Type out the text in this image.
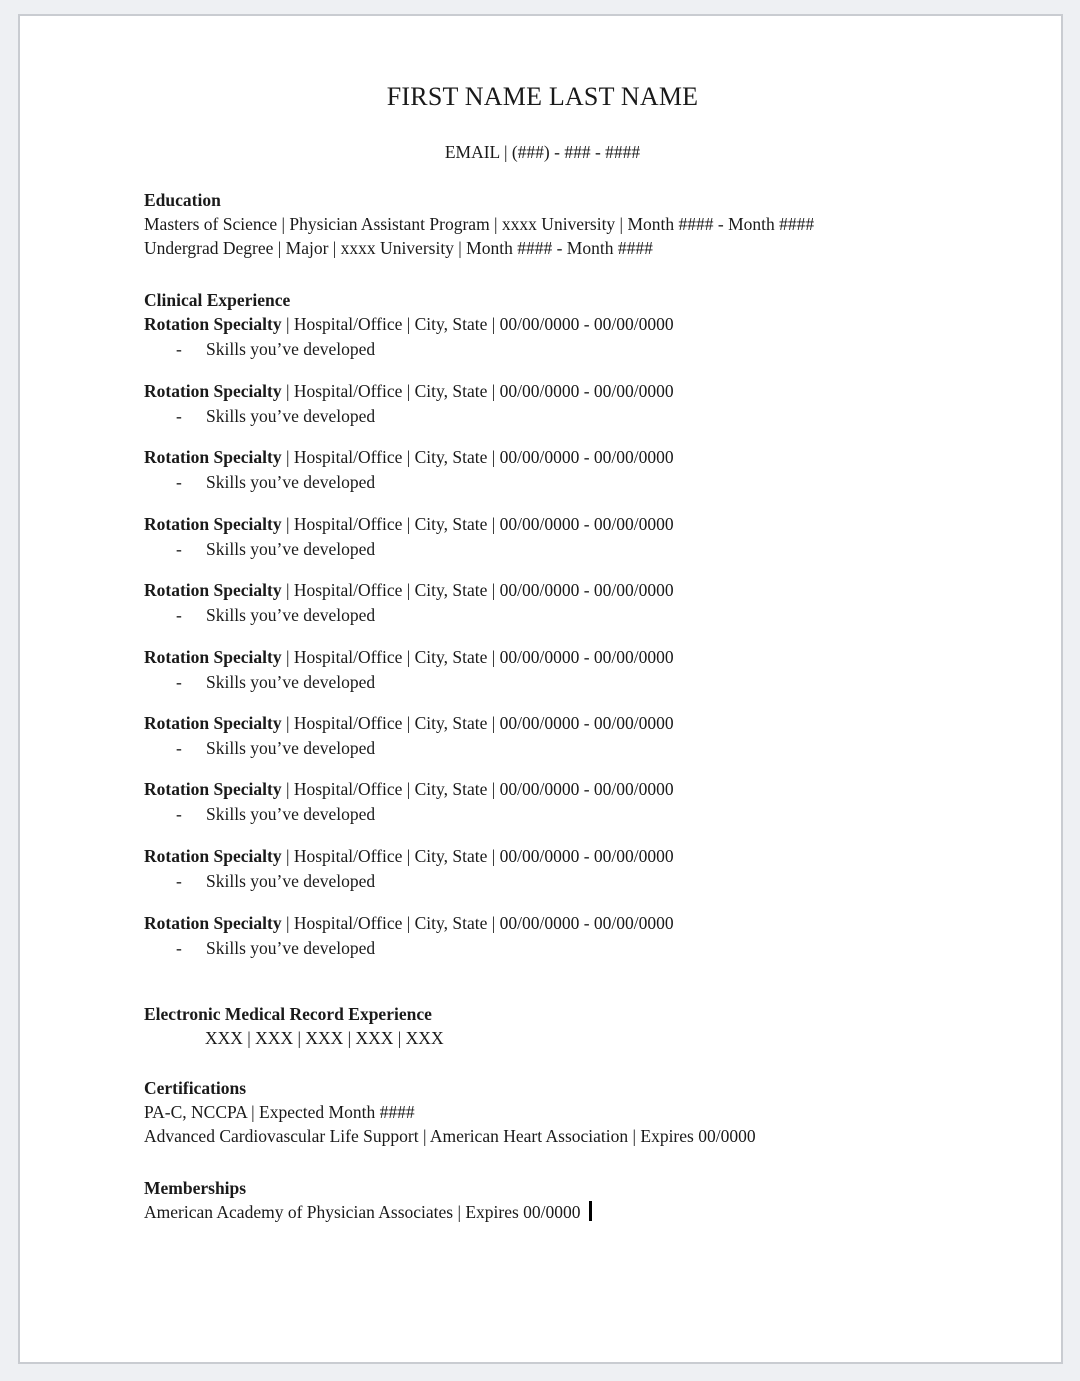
FIRST NAME LAST NAME
EMAIL | (###) - ### - ####
Education
Masters of Science | Physician Assistant Program | xxxx University | Month #### - Month ####
Undergrad Degree | Major | xxxx University | Month #### - Month ####
Clinical Experience
Rotation Specialty | Hospital/Office | City, State | 00/00/0000 - 00/00/0000
- Skills you’ve developed
Rotation Specialty | Hospital/Office | City, State | 00/00/0000 - 00/00/0000
- Skills you’ve developed
Rotation Specialty | Hospital/Office | City, State | 00/00/0000 - 00/00/0000
- Skills you’ve developed
Rotation Specialty | Hospital/Office | City, State | 00/00/0000 - 00/00/0000
- Skills you’ve developed
Rotation Specialty | Hospital/Office | City, State | 00/00/0000 - 00/00/0000
- Skills you’ve developed
Rotation Specialty | Hospital/Office | City, State | 00/00/0000 - 00/00/0000
- Skills you’ve developed
Rotation Specialty | Hospital/Office | City, State | 00/00/0000 - 00/00/0000
- Skills you’ve developed
Rotation Specialty | Hospital/Office | City, State | 00/00/0000 - 00/00/0000
- Skills you’ve developed
Rotation Specialty | Hospital/Office | City, State | 00/00/0000 - 00/00/0000
- Skills you’ve developed
Rotation Specialty | Hospital/Office | City, State | 00/00/0000 - 00/00/0000
- Skills you’ve developed
Electronic Medical Record Experience
XXX | XXX | XXX | XXX | XXX
Certifications
PA-C, NCCPA | Expected Month ####
Advanced Cardiovascular Life Support | American Heart Association | Expires 00/0000
Memberships
American Academy of Physician Associates | Expires 00/0000
